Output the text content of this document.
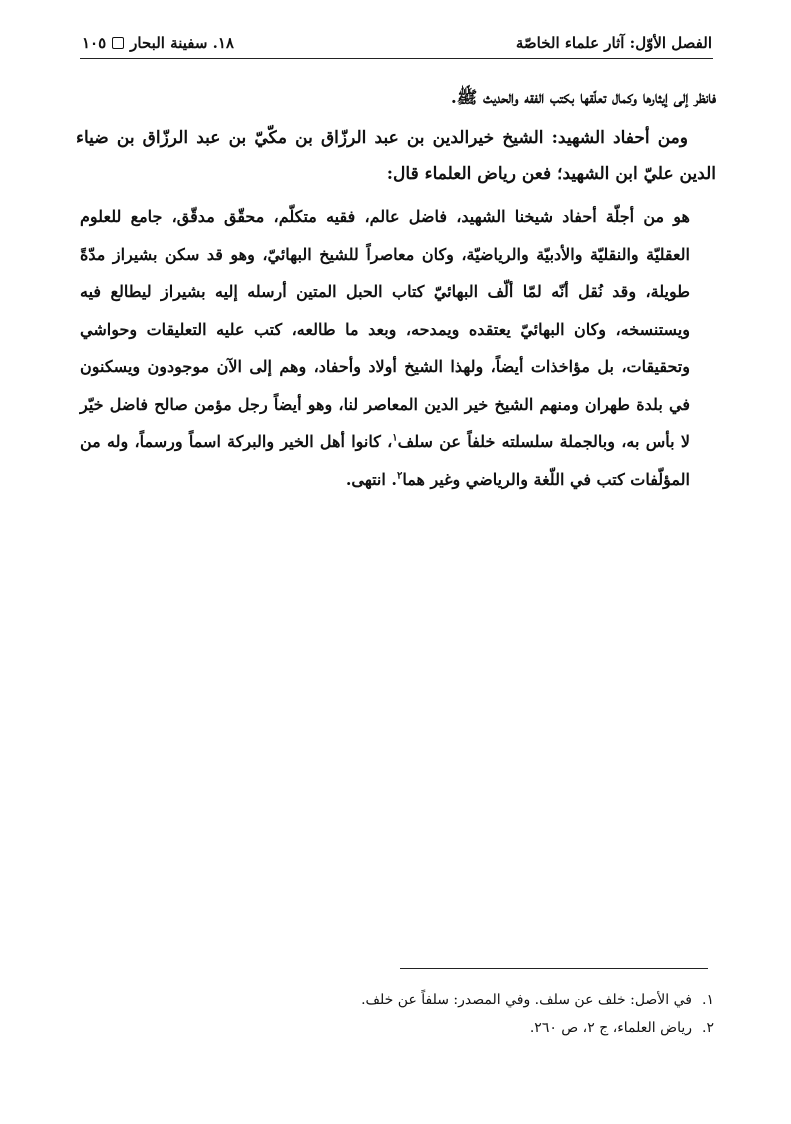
الفصل الأوّل: آثار علماء الخاصّة
١٨. سفينة البحار
١٠٥
فانظر إلى إيثارها وكمال تعلّقها بكتب الفقه والحديث ﷺ.
ومن أحفاد الشهيد: الشيخ خيرالدين بن عبد الرزّاق بن مكّيّ بن عبد الرزّاق بن ضياء الدين عليّ ابن الشهيد؛ فعن رياض العلماء قال:
هو من أجلّة أحفاد شيخنا الشهيد، فاضل عالم، فقيه متكلّم، محقّق مدقّق، جامع للعلوم العقليّة والنقليّة والأدبيّة والرياضيّة، وكان معاصراً للشيخ البهائيّ، وهو قد سكن بشيراز مدّةً طويلة، وقد نُقل أنّه لمّا ألّف البهائيّ كتاب الحبل المتين أرسله إليه بشيراز ليطالع فيه ويستنسخه، وكان البهائيّ يعتقده ويمدحه، وبعد ما طالعه، كتب عليه التعليقات وحواشي وتحقيقات، بل مؤاخذات أيضاً، ولهذا الشيخ أولاد وأحفاد، وهم إلى الآن موجودون ويسكنون في بلدة طهران ومنهم الشيخ خير الدين المعاصر لنا، وهو أيضاً رجل مؤمن صالح فاضل خيّر لا بأس به، وبالجملة سلسلته خلفاً عن سلف$^١$، كانوا أهل الخير والبركة اسماً ورسماً، وله من المؤلّفات كتب في اللّغة والرياضي وغير هما$^٢$. انتهى.
١.
في الأصل: خلف عن سلف. وفي المصدر: سلفاً عن خلف.
٢.
رياض العلماء، ج ٢، ص ٢٦٠.
